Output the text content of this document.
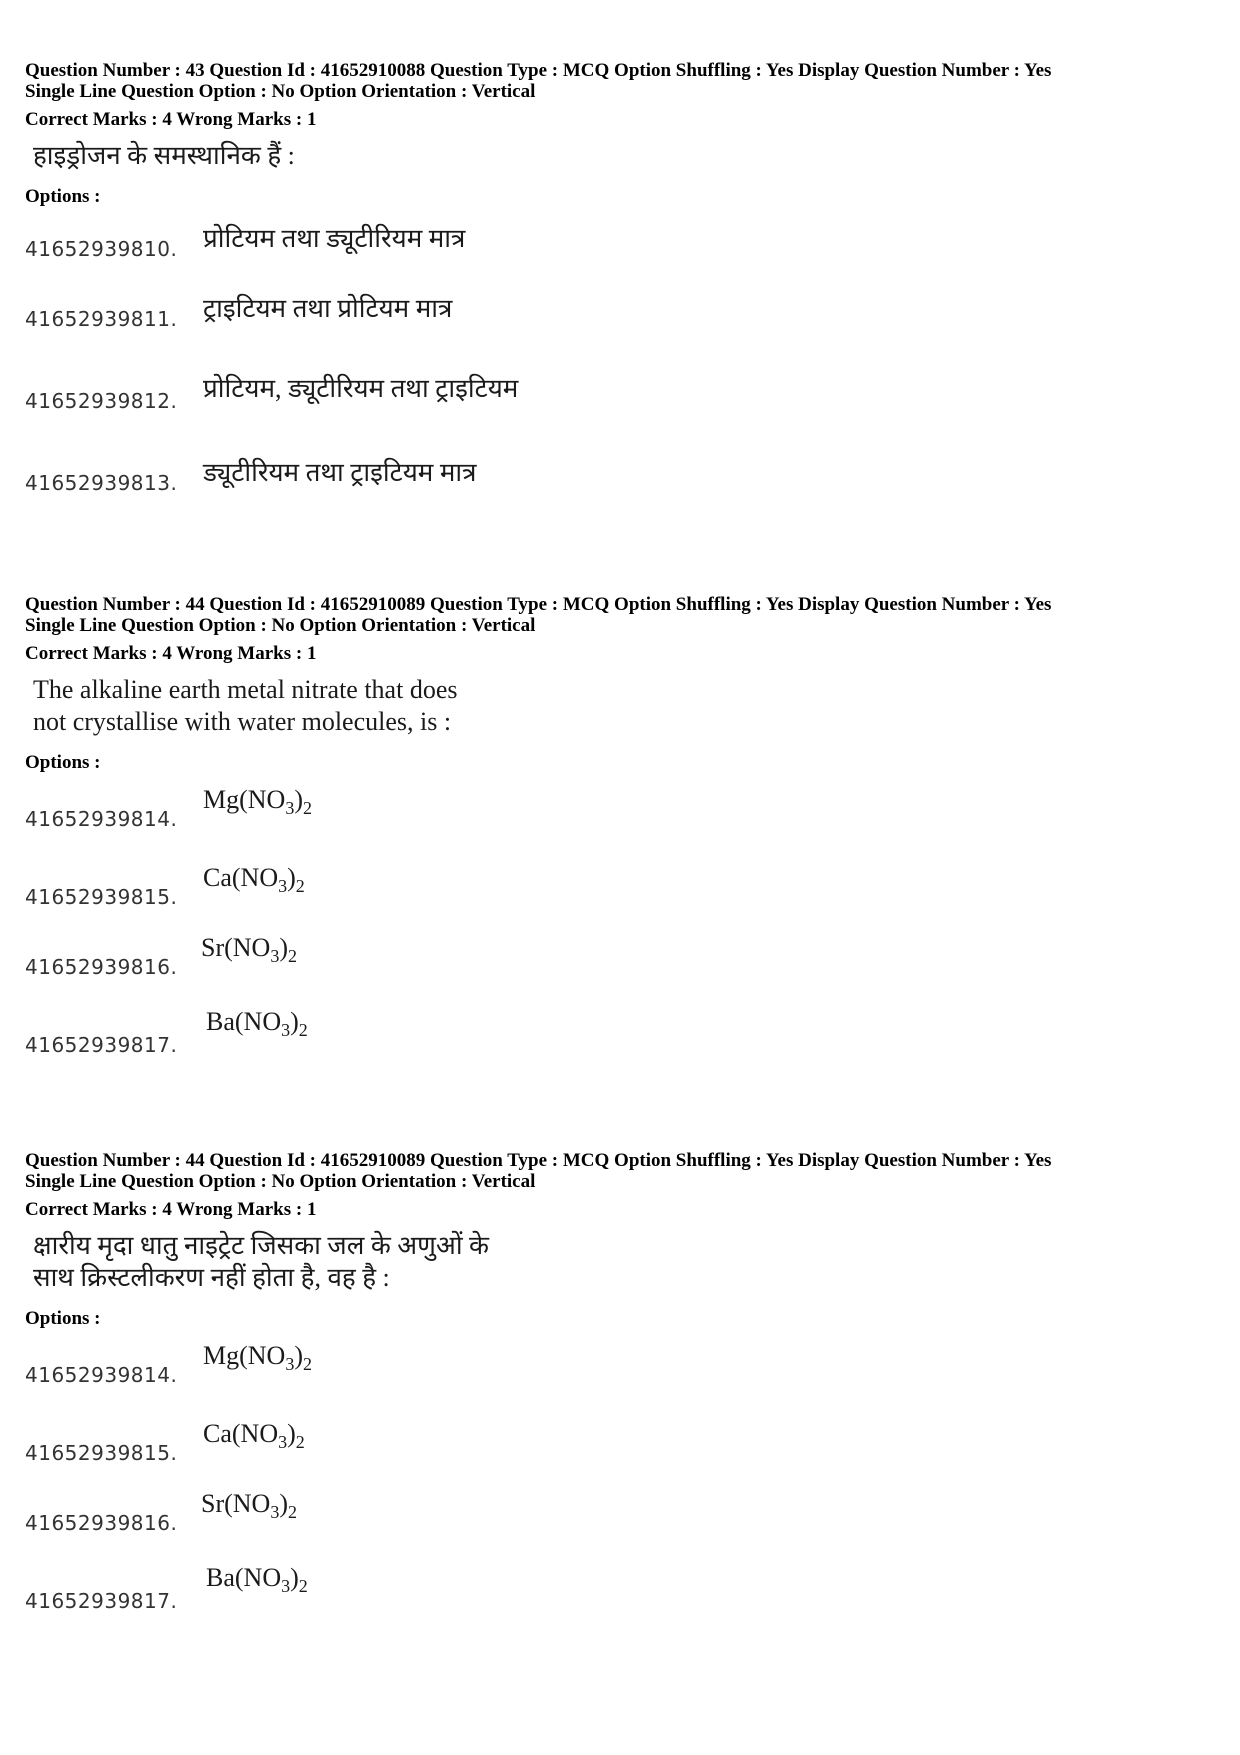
Question Number : 43 Question Id : 41652910088 Question Type : MCQ Option Shuffling : Yes Display Question Number : Yes
Single Line Question Option : No Option Orientation : Vertical
Correct Marks : 4 Wrong Marks : 1
हाइड्रोजन के समस्थानिक हैं :
Options :
41652939810. प्रोटियम तथा ड्यूटीरियम मात्र
41652939811. ट्राइटियम तथा प्रोटियम मात्र
41652939812. प्रोटियम, ड्यूटीरियम तथा ट्राइटियम
41652939813. ड्यूटीरियम तथा ट्राइटियम मात्र
Question Number : 44 Question Id : 41652910089 Question Type : MCQ Option Shuffling : Yes Display Question Number : Yes
Single Line Question Option : No Option Orientation : Vertical
Correct Marks : 4 Wrong Marks : 1
The alkaline earth metal nitrate that does
not crystallise with water molecules, is :
Options :
41652939814.
$Mg(NO_3)_2$
41652939815.
$Ca(NO_3)_2$
41652939816.
$Sr(NO_3)_2$
41652939817.
$Ba(NO_3)_2$
Question Number : 44 Question Id : 41652910089 Question Type : MCQ Option Shuffling : Yes Display Question Number : Yes
Single Line Question Option : No Option Orientation : Vertical
Correct Marks : 4 Wrong Marks : 1
क्षारीय मृदा धातु नाइट्रेट जिसका जल के अणुओं के
साथ क्रिस्टलीकरण नहीं होता है, वह है :
Options :
41652939814.
$Mg(NO_3)_2$
41652939815.
$Ca(NO_3)_2$
41652939816.
$Sr(NO_3)_2$
41652939817.
$Ba(NO_3)_2$
